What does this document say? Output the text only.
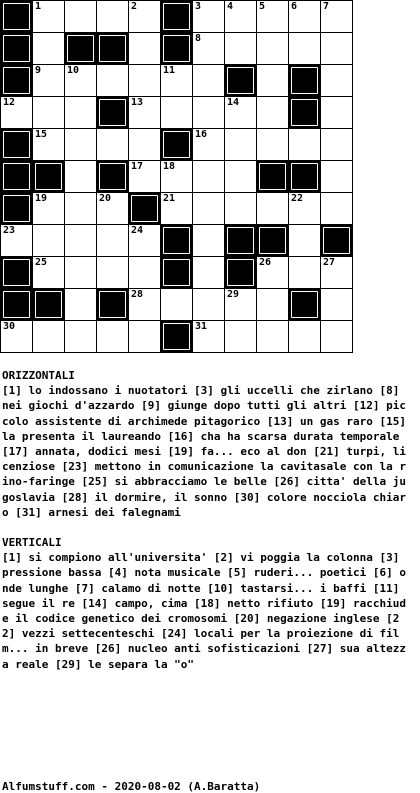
1	2	3	4	5	6	7
8
9	10	11
12	13	14
15	16
17 18
19	20	21	22
23	24
25	26	27
28	29
30	31
ORIZZONTALI
[1] lo indossano i nuotatori [3] gli uccelli che zirlano [8] nei giochi d'azzardo [9] giunge dopo tutti gli altri [12] piccolo assistente di archimede pitagorico [13] un gas raro [15] la presenta il laureando [16] cha ha scarsa durata temporale [17] annata, dodici mesi [19] fa... eco al don [21] turpi, licenziose [23] mettono in comunicazione la cavitasale con la rino-faringe [25] si abbracciamo le belle [26] citta' della jugoslavia [28] il dormire, il sonno [30] colore nocciola chiaro [31] arnesi dei falegnami
VERTICALI
[1] si compiono all'universita' [2] vi poggia la colonna [3] pressione bassa [4] nota musicale [5] ruderi... poetici [6] onde lunghe [7] calamo di notte [10] tastarsi... i baffi [11] segue il re [14] campo, cima [18] netto rifiuto [19] racchiude il codice genetico dei cromosomi [20] negazione inglese [22] vezzi settecenteschi [24] locali per la proiezione di film... in breve [26] nucleo anti sofisticazioni [27] sua altezza reale [29] le separa la "o"
Alfumstuff.com - 2020-08-02 (A.Baratta)
